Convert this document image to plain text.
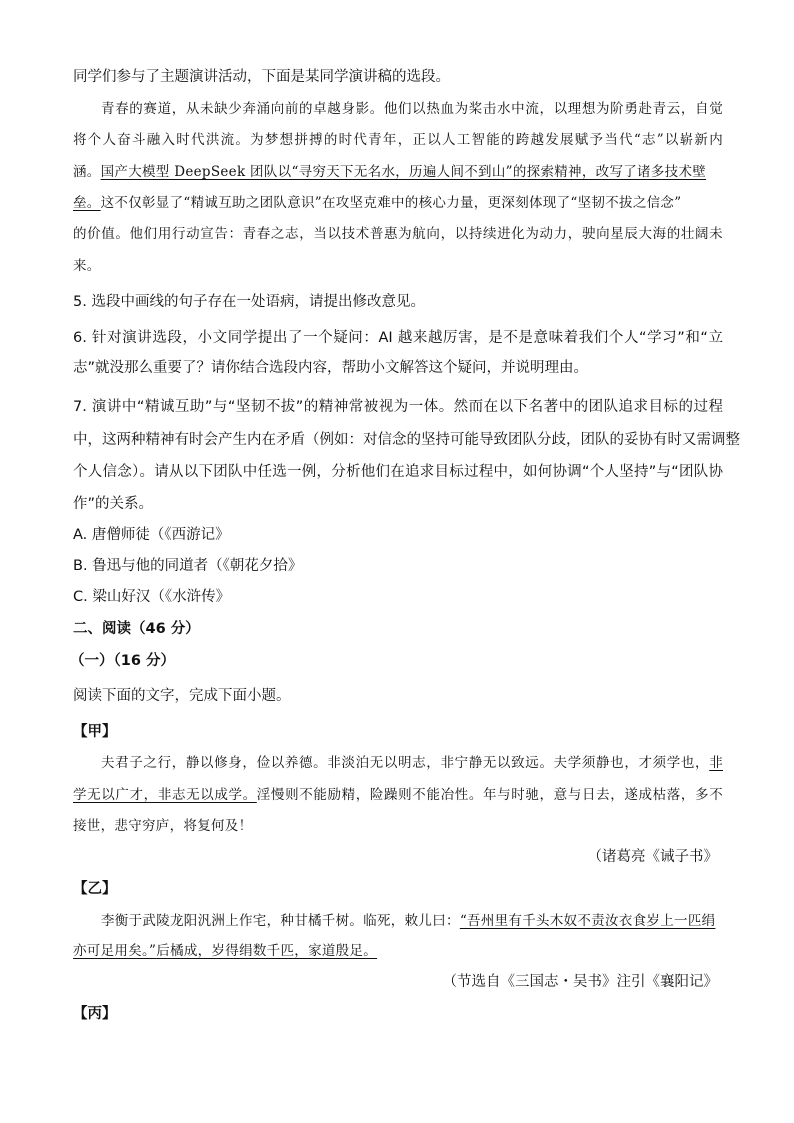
同学们参与了主题演讲活动，下面是某同学演讲稿的选段。
青春的赛道，从未缺少奔涌向前的卓越身影。他们以热血为桨击水中流，以理想为阶勇赴青云，自觉
将个人奋斗融入时代洪流。为梦想拼搏的时代青年，正以人工智能的跨越发展赋予当代“志”以崭新内
涵。国产大模型 DeepSeek 团队以“寻穷天下无名水，历遍人间不到山”的探索精神，改写了诸多技术壁
垒。这不仅彰显了“精诚互助之团队意识”在攻坚克难中的核心力量，更深刻体现了“坚韧不拔之信念”
的价值。他们用行动宣告：青春之志，当以技术普惠为航向，以持续进化为动力，驶向星辰大海的壮阔未
来。
5. 选段中画线的句子存在一处语病，请提出修改意见。
6. 针对演讲选段，小文同学提出了一个疑问：AI 越来越厉害，是不是意味着我们个人“学习”和“立
志”就没那么重要了？请你结合选段内容，帮助小文解答这个疑问，并说明理由。
7. 演讲中“精诚互助”与“坚韧不拔”的精神常被视为一体。然而在以下名著中的团队追求目标的过程
中，这两种精神有时会产生内在矛盾（例如：对信念的坚持可能导致团队分歧，团队的妥协有时又需调整
个人信念）。请从以下团队中任选一例，分析他们在追求目标过程中，如何协调“个人坚持”与“团队协
作”的关系。
A. 唐僧师徒（《西游记》
B. 鲁迅与他的同道者（《朝花夕拾》
C. 梁山好汉（《水浒传》
二、阅读（46 分）
（一）（16 分）
阅读下面的文字，完成下面小题。
【甲】
夫君子之行，静以修身，俭以养德。非淡泊无以明志，非宁静无以致远。夫学须静也，才须学也，非
学无以广才，非志无以成学。淫慢则不能励精，险躁则不能冶性。年与时驰，意与日去，遂成枯落，多不
接世，悲守穷庐，将复何及！
（诸葛亮《诫子书》
【乙】
李衡于武陵龙阳汎洲上作宅，种甘橘千树。临死，敕儿曰：“吾州里有千头木奴不责汝衣食岁上一匹绢
亦可足用矣。”后橘成，岁得绢数千匹，家道殷足。
（节选自《三国志・吴书》注引《襄阳记》
【丙】
